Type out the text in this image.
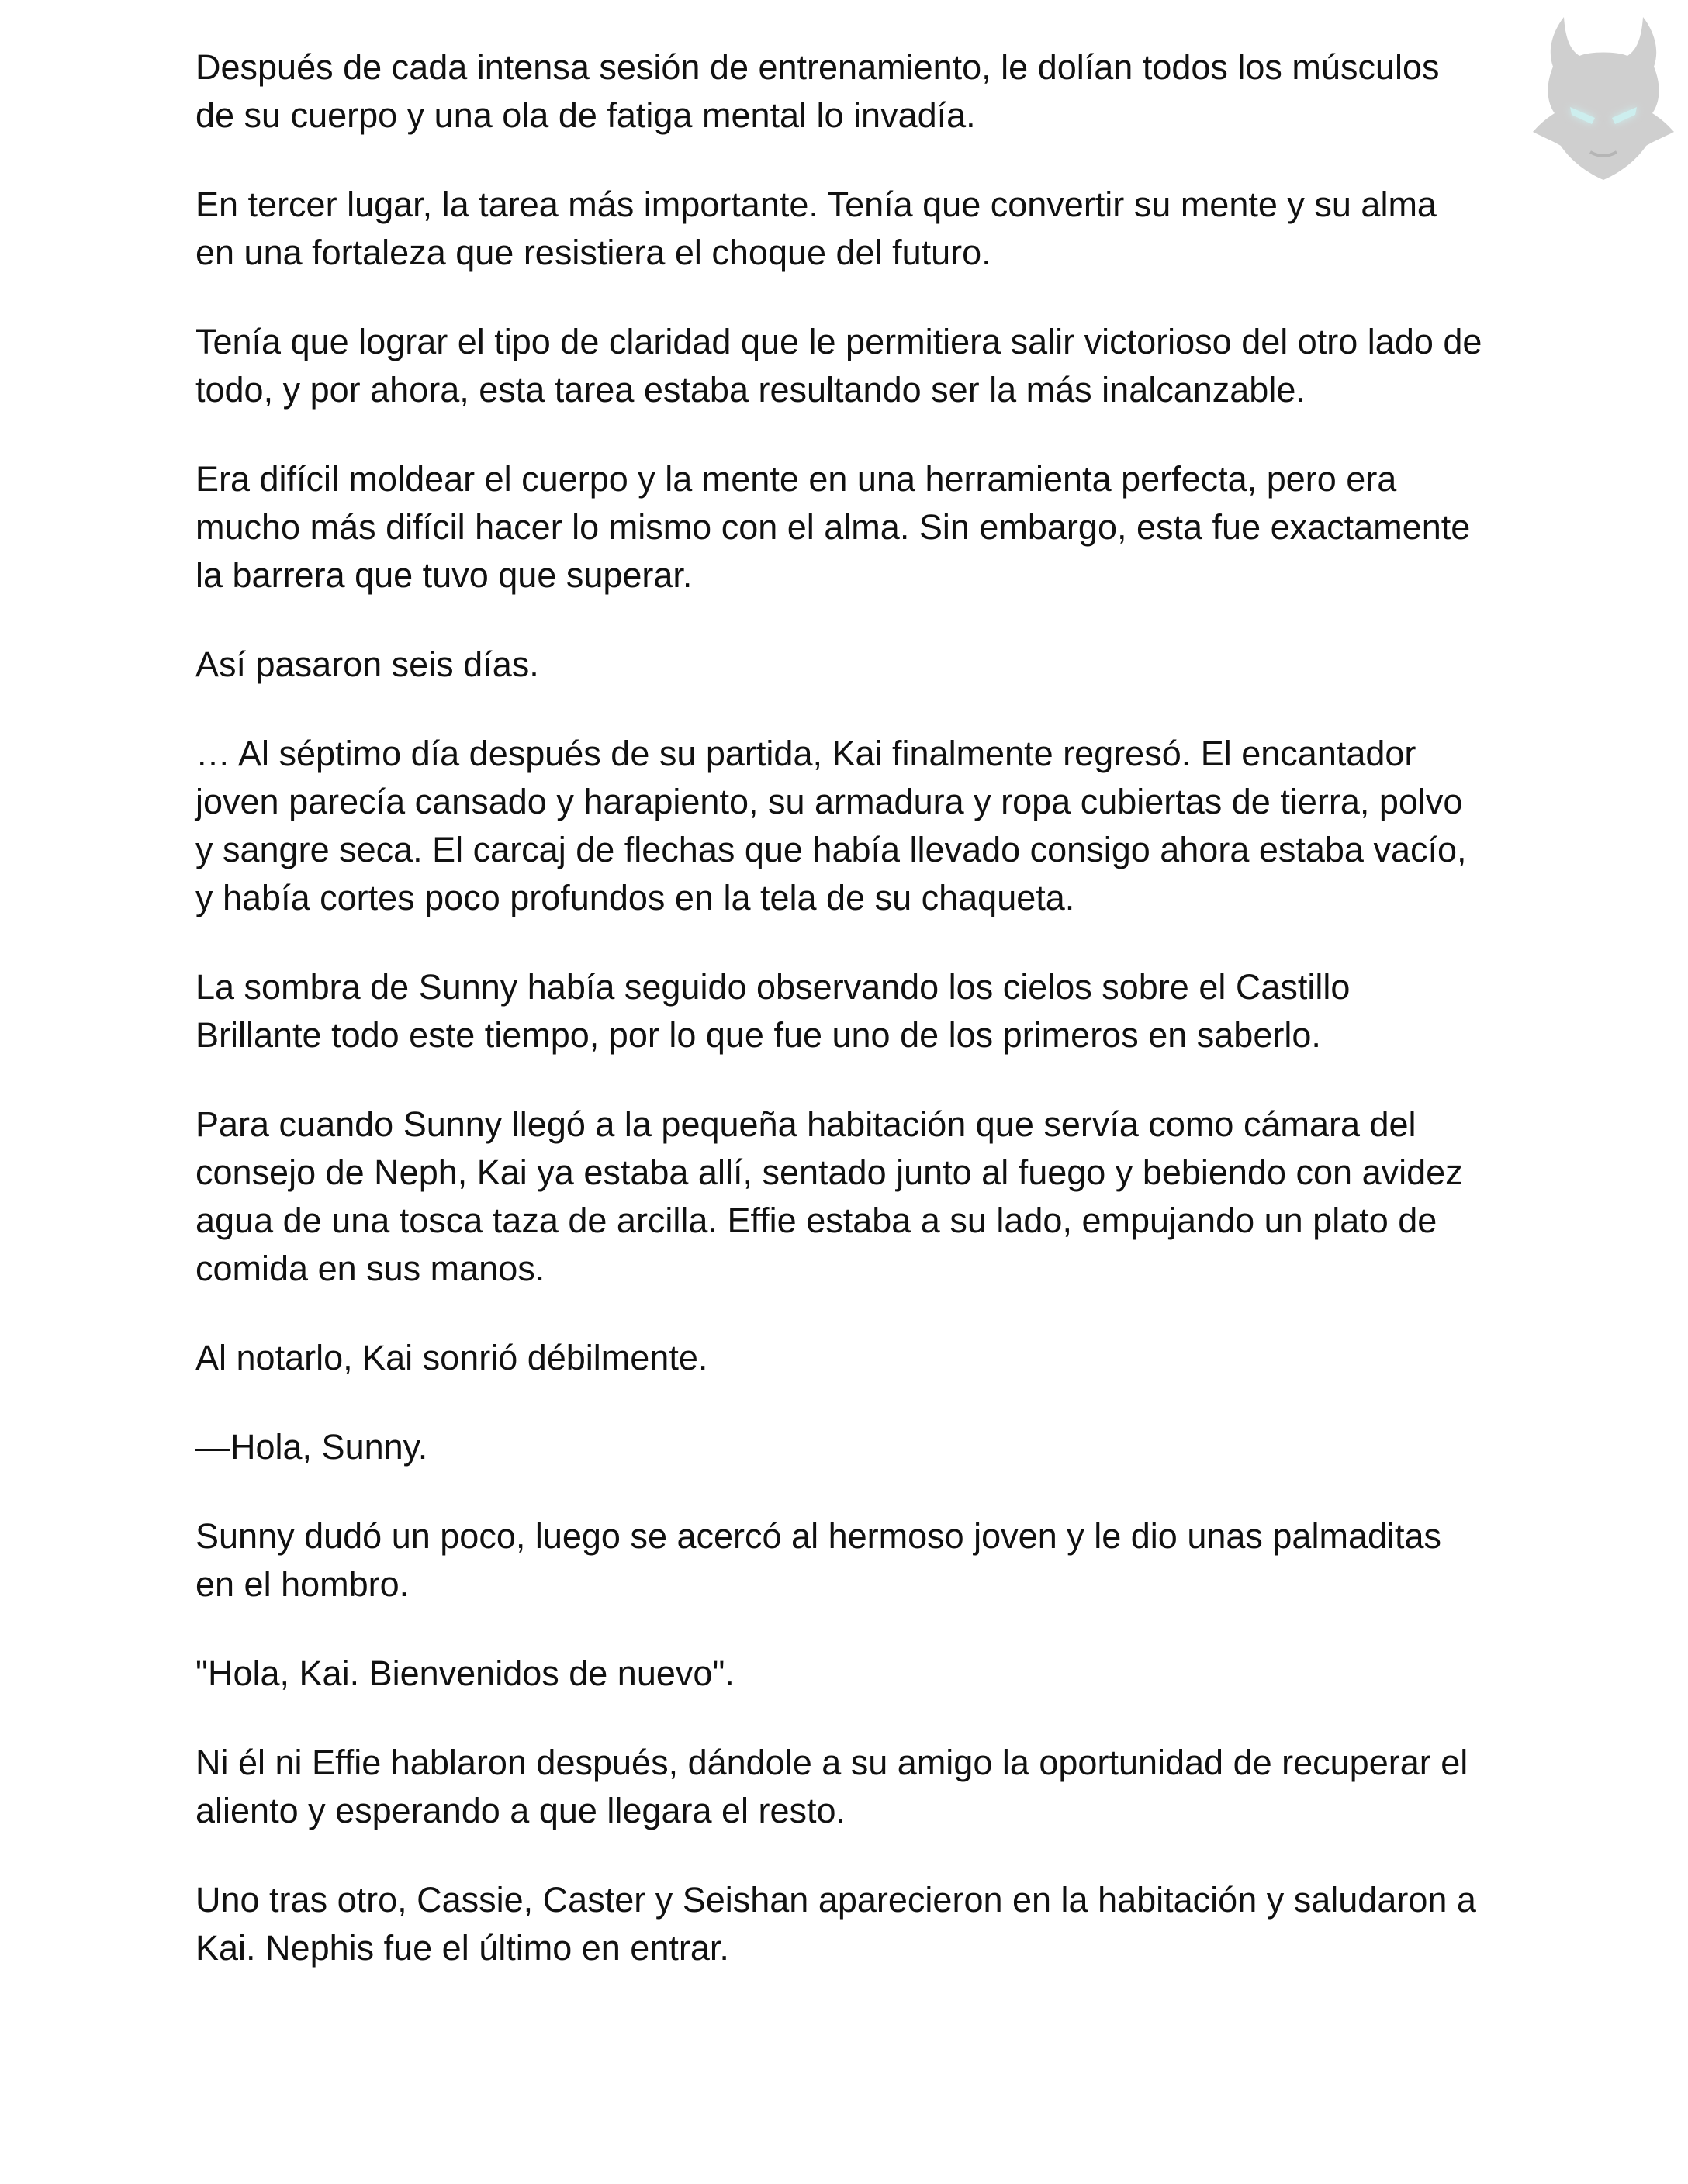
Después de cada intensa sesión de entrenamiento, le dolían todos los músculos de su cuerpo y una ola de fatiga mental lo invadía.

En tercer lugar, la tarea más importante. Tenía que convertir su mente y su alma en una fortaleza que resistiera el choque del futuro.

Tenía que lograr el tipo de claridad que le permitiera salir victorioso del otro lado de todo, y por ahora, esta tarea estaba resultando ser la más inalcanzable.

Era difícil moldear el cuerpo y la mente en una herramienta perfecta, pero era mucho más difícil hacer lo mismo con el alma. Sin embargo, esta fue exactamente la barrera que tuvo que superar.

Así pasaron seis días.

… Al séptimo día después de su partida, Kai finalmente regresó. El encantador joven parecía cansado y harapiento, su armadura y ropa cubiertas de tierra, polvo y sangre seca. El carcaj de flechas que había llevado consigo ahora estaba vacío, y había cortes poco profundos en la tela de su chaqueta.

La sombra de Sunny había seguido observando los cielos sobre el Castillo Brillante todo este tiempo, por lo que fue uno de los primeros en saberlo.

Para cuando Sunny llegó a la pequeña habitación que servía como cámara del consejo de Neph, Kai ya estaba allí, sentado junto al fuego y bebiendo con avidez agua de una tosca taza de arcilla. Effie estaba a su lado, empujando un plato de comida en sus manos.

Al notarlo, Kai sonrió débilmente.

—Hola, Sunny.

Sunny dudó un poco, luego se acercó al hermoso joven y le dio unas palmaditas en el hombro.

"Hola, Kai. Bienvenidos de nuevo".

Ni él ni Effie hablaron después, dándole a su amigo la oportunidad de recuperar el aliento y esperando a que llegara el resto.

Uno tras otro, Cassie, Caster y Seishan aparecieron en la habitación y saludaron a Kai. Nephis fue el último en entrar.
